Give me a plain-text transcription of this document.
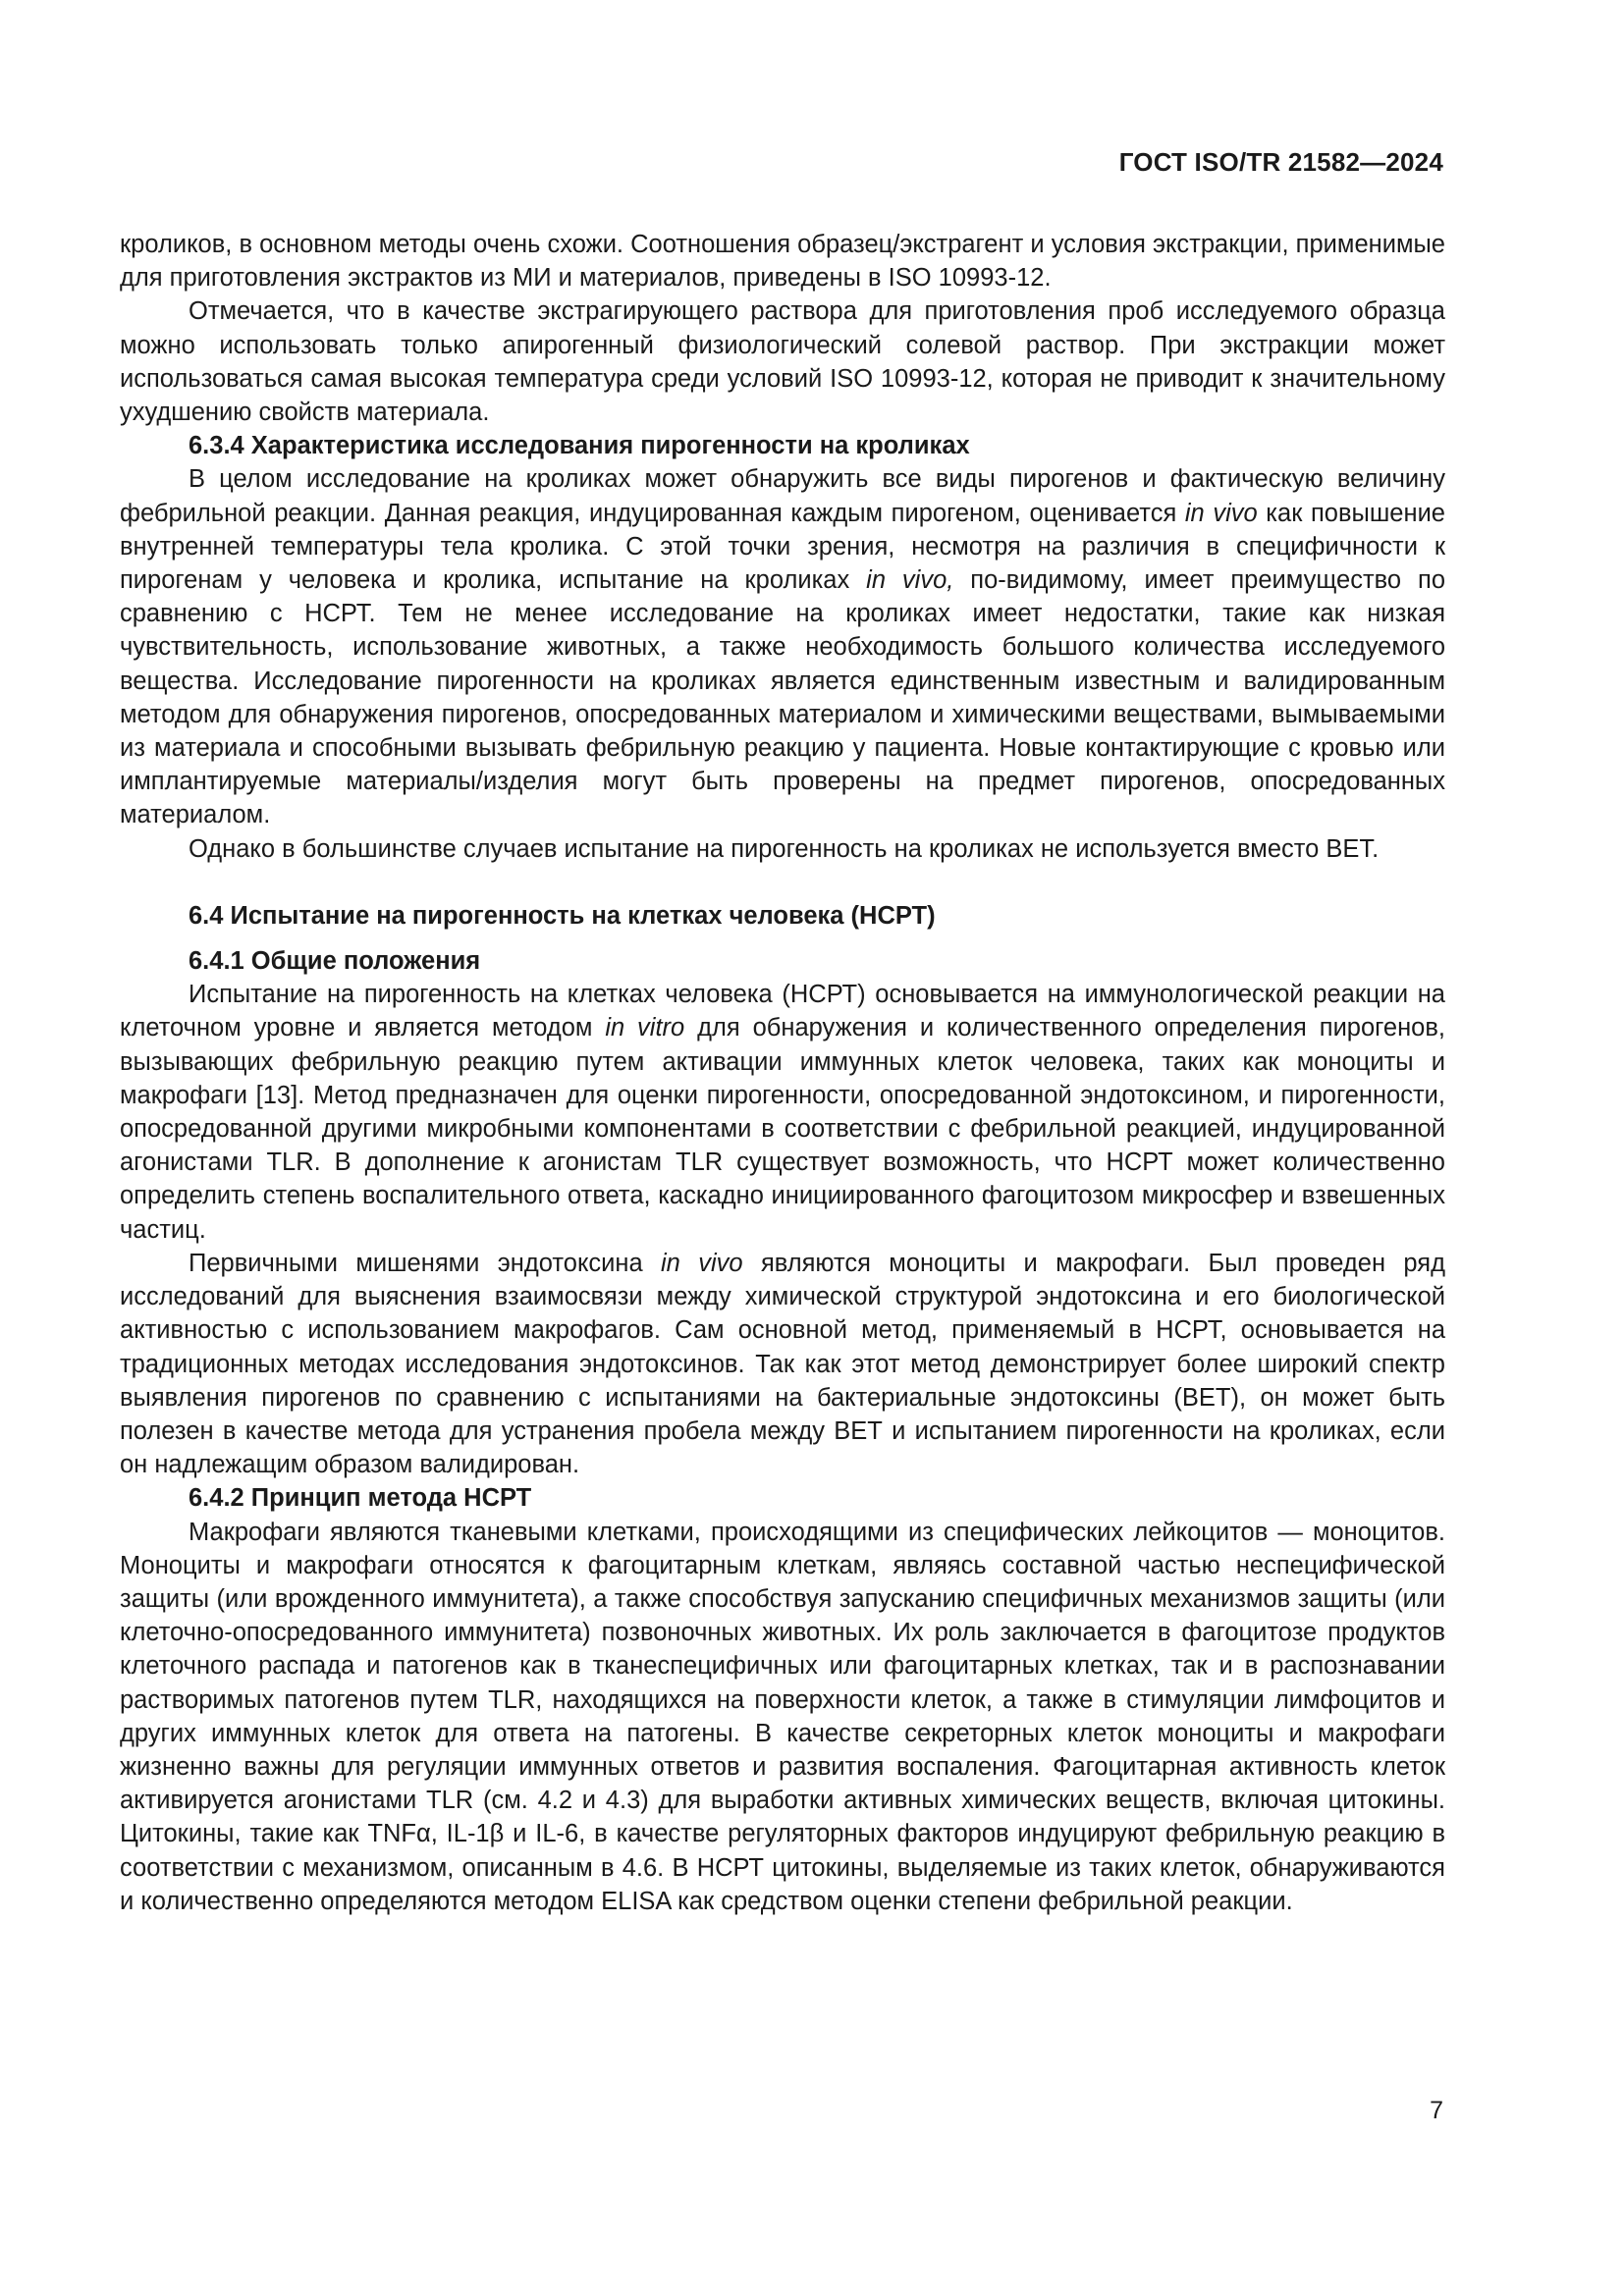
ГОСТ ISO/TR 21582—2024

кроликов, в основном методы очень схожи. Соотношения образец/экстрагент и условия экстракции, применимые для приготовления экстрактов из МИ и материалов, приведены в ISO 10993-12.

Отмечается, что в качестве экстрагирующего раствора для приготовления проб исследуемого образца можно использовать только апирогенный физиологический солевой раствор. При экстракции может использоваться самая высокая температура среди условий ISO 10993-12, которая не приводит к значительному ухудшению свойств материала.

6.3.4 Характеристика исследования пирогенности на кроликах

В целом исследование на кроликах может обнаружить все виды пирогенов и фактическую величину фебрильной реакции. Данная реакция, индуцированная каждым пирогеном, оценивается in vivo как повышение внутренней температуры тела кролика. С этой точки зрения, несмотря на различия в специфичности к пирогенам у человека и кролика, испытание на кроликах in vivo, по-видимому, имеет преимущество по сравнению с НСРТ. Тем не менее исследование на кроликах имеет недостатки, такие как низкая чувствительность, использование животных, а также необходимость большого количества исследуемого вещества. Исследование пирогенности на кроликах является единственным известным и валидированным методом для обнаружения пирогенов, опосредованных материалом и химическими веществами, вымываемыми из материала и способными вызывать фебрильную реакцию у пациента. Новые контактирующие с кровью или имплантируемые материалы/изделия могут быть проверены на предмет пирогенов, опосредованных материалом.

Однако в большинстве случаев испытание на пирогенность на кроликах не используется вместо ВЕТ.

6.4 Испытание на пирогенность на клетках человека (НСРТ)

6.4.1 Общие положения

Испытание на пирогенность на клетках человека (НСРТ) основывается на иммунологической реакции на клеточном уровне и является методом in vitro для обнаружения и количественного определения пирогенов, вызывающих фебрильную реакцию путем активации иммунных клеток человека, таких как моноциты и макрофаги [13]. Метод предназначен для оценки пирогенности, опосредованной эндотоксином, и пирогенности, опосредованной другими микробными компонентами в соответствии с фебрильной реакцией, индуцированной агонистами TLR. В дополнение к агонистам TLR существует возможность, что НСРТ может количественно определить степень воспалительного ответа, каскадно инициированного фагоцитозом микросфер и взвешенных частиц.

Первичными мишенями эндотоксина in vivo являются моноциты и макрофаги. Был проведен ряд исследований для выяснения взаимосвязи между химической структурой эндотоксина и его биологической активностью с использованием макрофагов. Сам основной метод, применяемый в НСРТ, основывается на традиционных методах исследования эндотоксинов. Так как этот метод демонстрирует более широкий спектр выявления пирогенов по сравнению с испытаниями на бактериальные эндотоксины (ВЕТ), он может быть полезен в качестве метода для устранения пробела между ВЕТ и испытанием пирогенности на кроликах, если он надлежащим образом валидирован.

6.4.2 Принцип метода НСРТ

Макрофаги являются тканевыми клетками, происходящими из специфических лейкоцитов — моноцитов. Моноциты и макрофаги относятся к фагоцитарным клеткам, являясь составной частью неспецифической защиты (или врожденного иммунитета), а также способствуя запусканию специфичных механизмов защиты (или клеточно-опосредованного иммунитета) позвоночных животных. Их роль заключается в фагоцитозе продуктов клеточного распада и патогенов как в тканеспецифичных или фагоцитарных клетках, так и в распознавании растворимых патогенов путем TLR, находящихся на поверхности клеток, а также в стимуляции лимфоцитов и других иммунных клеток для ответа на патогены. В качестве секреторных клеток моноциты и макрофаги жизненно важны для регуляции иммунных ответов и развития воспаления. Фагоцитарная активность клеток активируется агонистами TLR (см. 4.2 и 4.3) для выработки активных химических веществ, включая цитокины. Цитокины, такие как TNFα, IL-1β и IL-6, в качестве регуляторных факторов индуцируют фебрильную реакцию в соответствии с механизмом, описанным в 4.6. В НСРТ цитокины, выделяемые из таких клеток, обнаруживаются и количественно определяются методом ELISA как средством оценки степени фебрильной реакции.

7
